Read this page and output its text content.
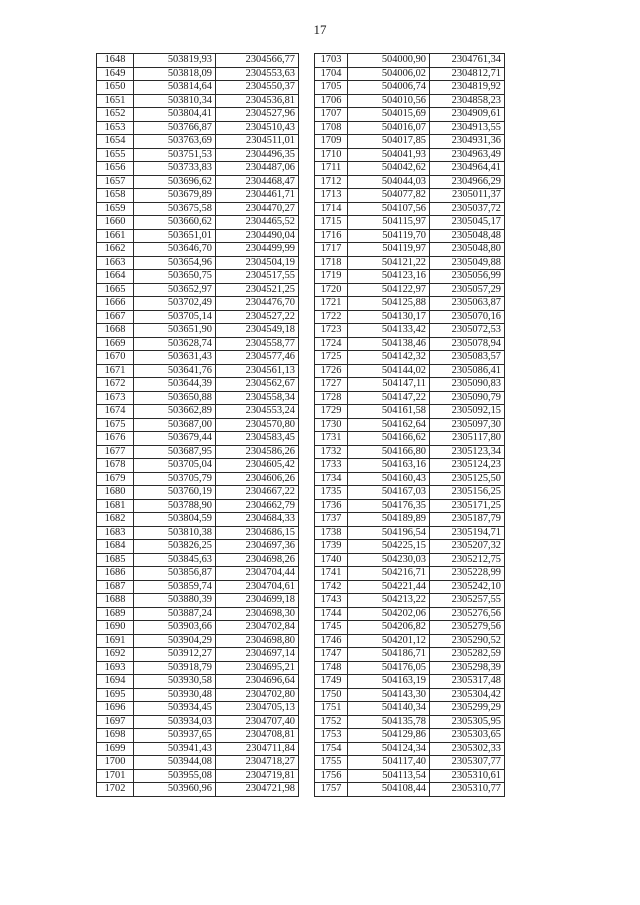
17
1648	503819,93	2304566,77
1649	503818,09	2304553,63
1650	503814,64	2304550,37
1651	503810,34	2304536,81
1652	503804,41	2304527,96
1653	503766,87	2304510,43
1654	503763,69	2304511,01
1655	503751,53	2304496,35
1656	503733,83	2304487,06
1657	503696,62	2304468,47
1658	503679,89	2304461,71
1659	503675,58	2304470,27
1660	503660,62	2304465,52
1661	503651,01	2304490,04
1662	503646,70	2304499,99
1663	503654,96	2304504,19
1664	503650,75	2304517,55
1665	503652,97	2304521,25
1666	503702,49	2304476,70
1667	503705,14	2304527,22
1668	503651,90	2304549,18
1669	503628,74	2304558,77
1670	503631,43	2304577,46
1671	503641,76	2304561,13
1672	503644,39	2304562,67
1673	503650,88	2304558,34
1674	503662,89	2304553,24
1675	503687,00	2304570,80
1676	503679,44	2304583,45
1677	503687,95	2304586,26
1678	503705,04	2304605,42
1679	503705,79	2304606,26
1680	503760,19	2304667,22
1681	503788,90	2304662,79
1682	503804,59	2304684,33
1683	503810,38	2304686,15
1684	503826,25	2304697,36
1685	503845,63	2304698,26
1686	503856,87	2304704,44
1687	503859,74	2304704,61
1688	503880,39	2304699,18
1689	503887,24	2304698,30
1690	503903,66	2304702,84
1691	503904,29	2304698,80
1692	503912,27	2304697,14
1693	503918,79	2304695,21
1694	503930,58	2304696,64
1695	503930,48	2304702,80
1696	503934,45	2304705,13
1697	503934,03	2304707,40
1698	503937,65	2304708,81
1699	503941,43	2304711,84
1700	503944,08	2304718,27
1701	503955,08	2304719,81
1702	503960,96	2304721,98
1703	504000,90	2304761,34
1704	504006,02	2304812,71
1705	504006,74	2304819,92
1706	504010,56	2304858,23
1707	504015,69	2304909,61
1708	504016,07	2304913,55
1709	504017,85	2304931,36
1710	504041,93	2304963,49
1711	504042,62	2304964,41
1712	504044,03	2304966,29
1713	504077,82	2305011,37
1714	504107,56	2305037,72
1715	504115,97	2305045,17
1716	504119,70	2305048,48
1717	504119,97	2305048,80
1718	504121,22	2305049,88
1719	504123,16	2305056,99
1720	504122,97	2305057,29
1721	504125,88	2305063,87
1722	504130,17	2305070,16
1723	504133,42	2305072,53
1724	504138,46	2305078,94
1725	504142,32	2305083,57
1726	504144,02	2305086,41
1727	504147,11	2305090,83
1728	504147,22	2305090,79
1729	504161,58	2305092,15
1730	504162,64	2305097,30
1731	504166,62	2305117,80
1732	504166,80	2305123,34
1733	504163,16	2305124,23
1734	504160,43	2305125,50
1735	504167,03	2305156,25
1736	504176,35	2305171,25
1737	504189,89	2305187,79
1738	504196,54	2305194,71
1739	504225,15	2305207,32
1740	504230,03	2305212,75
1741	504216,71	2305228,99
1742	504221,44	2305242,10
1743	504213,22	2305257,55
1744	504202,06	2305276,56
1745	504206,82	2305279,56
1746	504201,12	2305290,52
1747	504186,71	2305282,59
1748	504176,05	2305298,39
1749	504163,19	2305317,48
1750	504143,30	2305304,42
1751	504140,34	2305299,29
1752	504135,78	2305305,95
1753	504129,86	2305303,65
1754	504124,34	2305302,33
1755	504117,40	2305307,77
1756	504113,54	2305310,61
1757	504108,44	2305310,77
